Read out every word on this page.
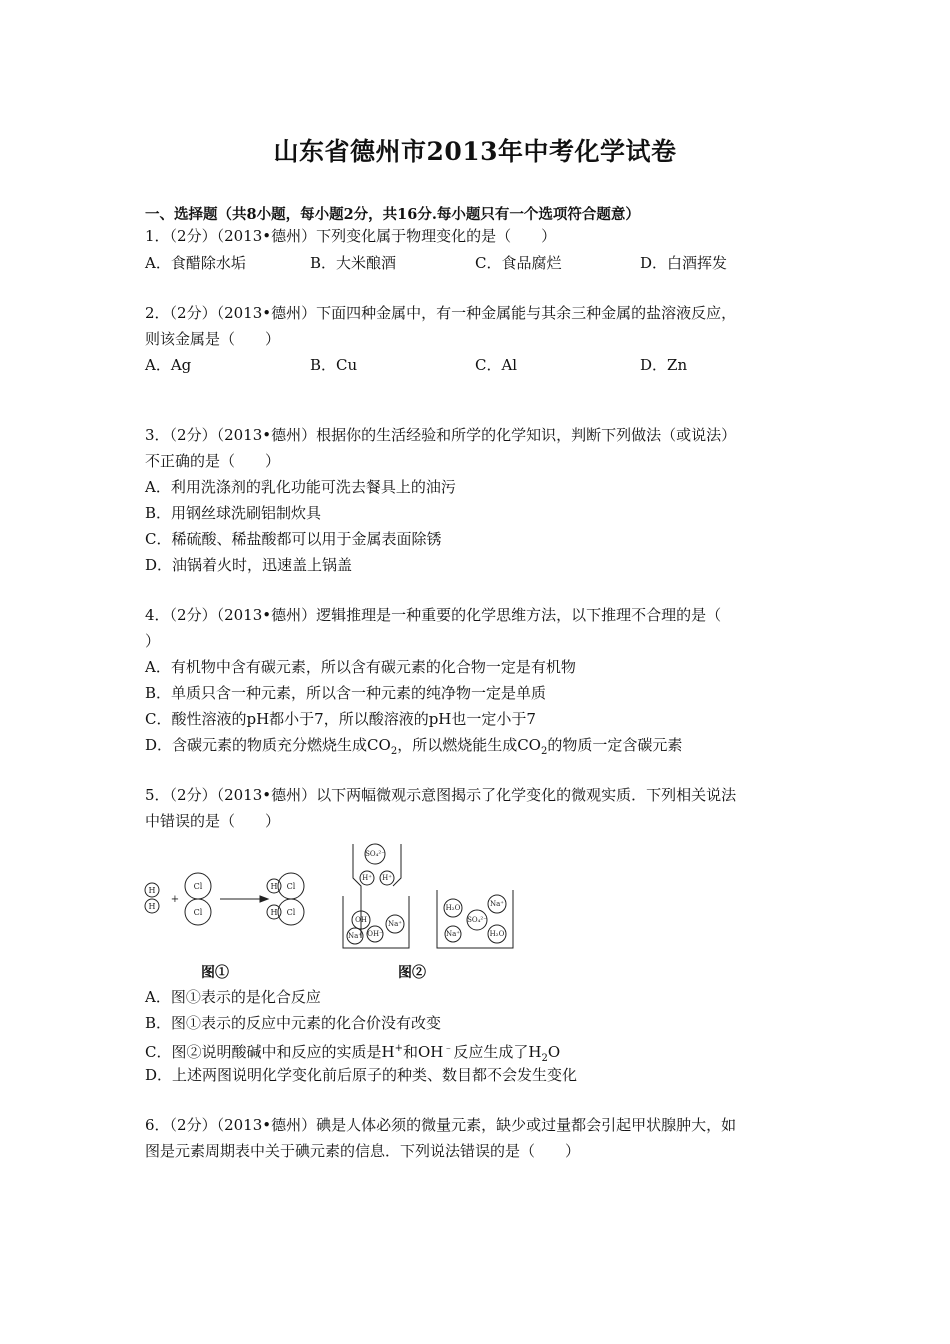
山东省德州市2013年中考化学试卷
一、选择题（共8小题，每小题2分，共16分.每小题只有一个选项符合题意）
1．（2分）（2013•德州）下列变化属于物理变化的是（　　）
A．食醋除水垢	B．大米酿酒	C．食品腐烂	D．白酒挥发
2．（2分）（2013•德州）下面四种金属中，有一种金属能与其余三种金属的盐溶液反应，
则该金属是（　　）
A．Ag	B．Cu	C．Al	D．Zn
3．（2分）（2013•德州）根据你的生活经验和所学的化学知识，判断下列做法（或说法）
不正确的是（　　）
A．利用洗涤剂的乳化功能可洗去餐具上的油污
B．用钢丝球洗刷铝制炊具
C．稀硫酸、稀盐酸都可以用于金属表面除锈
D．油锅着火时，迅速盖上锅盖
4．（2分）（2013•德州）逻辑推理是一种重要的化学思维方法，以下推理不合理的是（
）
A．有机物中含有碳元素，所以含有碳元素的化合物一定是有机物
B．单质只含一种元素，所以含一种元素的纯净物一定是单质
C．酸性溶液的pH都小于7，所以酸溶液的pH也一定小于7
D．含碳元素的物质充分燃烧生成$CO_2$，所以燃烧能生成$CO_2$的物质一定含碳元素
5．（2分）（2013•德州）以下两幅微观示意图揭示了化学变化的微观实质．下列相关说法
中错误的是（　　）
H
H
+
Cl
Cl
H Cl
H Cl
SO₄²⁻
H⁺ H⁺
OH	Na⁺
Na⁺ OH⁻
H₂O	Na⁺
SO₄²⁻
Na⁺	H₂O
图①	图②
A．图①表示的是化合反应
B．图①表示的反应中元素的化合价没有改变
C．图②说明酸碱中和反应的实质是H+和OH﹣反应生成了$H_2O$
D．上述两图说明化学变化前后原子的种类、数目都不会发生变化
6．（2分）（2013•德州）碘是人体必须的微量元素，缺少或过量都会引起甲状腺肿大，如
图是元素周期表中关于碘元素的信息．下列说法错误的是（　　）
